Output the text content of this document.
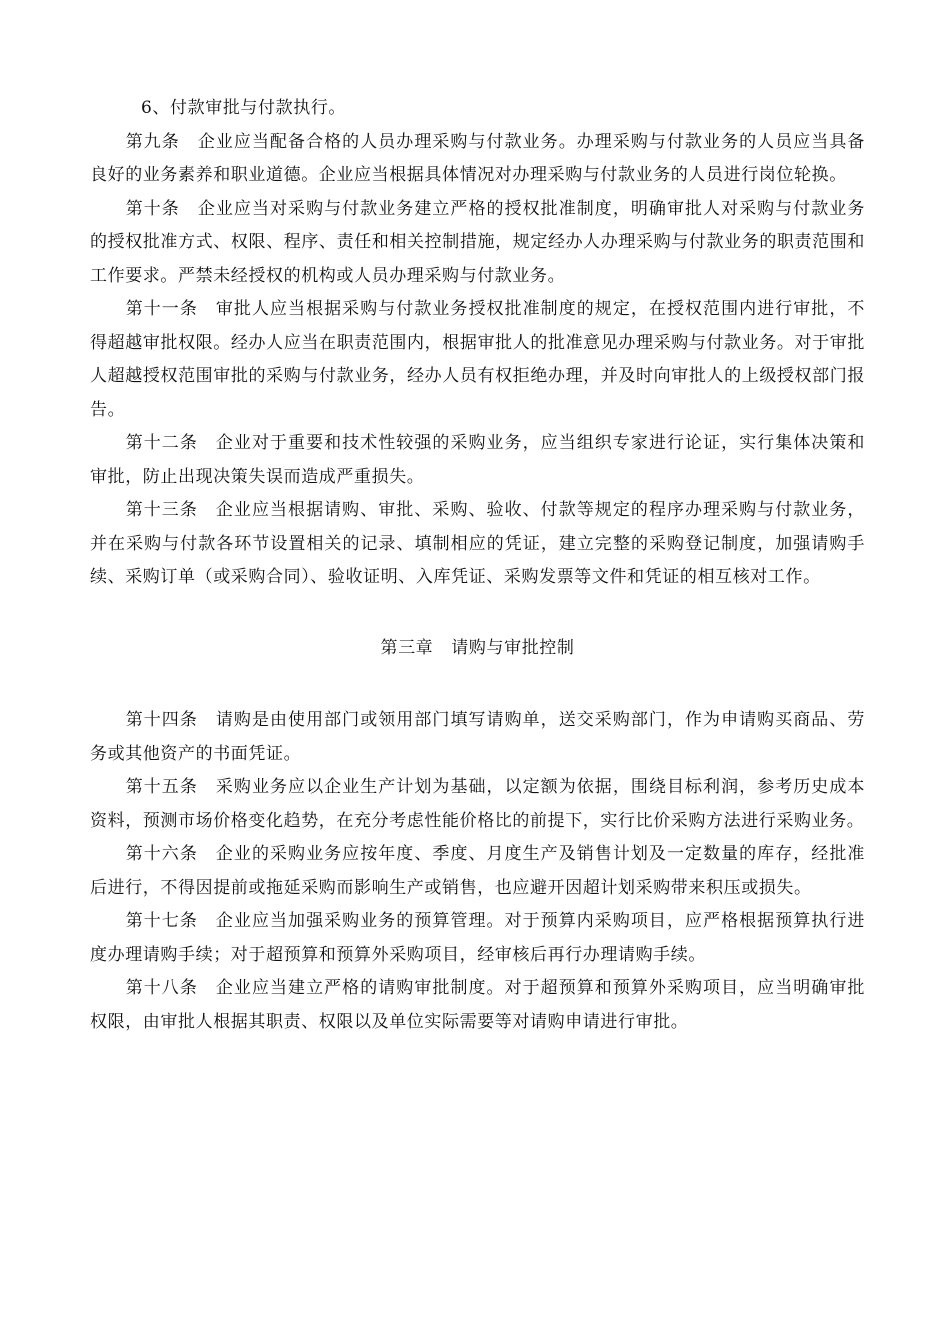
6、付款审批与付款执行。

第九条 企业应当配备合格的人员办理采购与付款业务。办理采购与付款业务的人员应当具备良好的业务素养和职业道德。企业应当根据具体情况对办理采购与付款业务的人员进行岗位轮换。

第十条 企业应当对采购与付款业务建立严格的授权批准制度，明确审批人对采购与付款业务的授权批准方式、权限、程序、责任和相关控制措施，规定经办人办理采购与付款业务的职责范围和工作要求。严禁未经授权的机构或人员办理采购与付款业务。

第十一条 审批人应当根据采购与付款业务授权批准制度的规定，在授权范围内进行审批，不得超越审批权限。经办人应当在职责范围内，根据审批人的批准意见办理采购与付款业务。对于审批人超越授权范围审批的采购与付款业务，经办人员有权拒绝办理，并及时向审批人的上级授权部门报告。

第十二条 企业对于重要和技术性较强的采购业务，应当组织专家进行论证，实行集体决策和审批，防止出现决策失误而造成严重损失。

第十三条 企业应当根据请购、审批、采购、验收、付款等规定的程序办理采购与付款业务，并在采购与付款各环节设置相关的记录、填制相应的凭证，建立完整的采购登记制度，加强请购手续、采购订单（或采购合同）、验收证明、入库凭证、采购发票等文件和凭证的相互核对工作。

第三章 请购与审批控制

第十四条 请购是由使用部门或领用部门填写请购单，送交采购部门，作为申请购买商品、劳务或其他资产的书面凭证。

第十五条 采购业务应以企业生产计划为基础，以定额为依据，围绕目标利润，参考历史成本资料，预测市场价格变化趋势，在充分考虑性能价格比的前提下，实行比价采购方法进行采购业务。

第十六条 企业的采购业务应按年度、季度、月度生产及销售计划及一定数量的库存，经批准后进行，不得因提前或拖延采购而影响生产或销售，也应避开因超计划采购带来积压或损失。

第十七条 企业应当加强采购业务的预算管理。对于预算内采购项目，应严格根据预算执行进度办理请购手续；对于超预算和预算外采购项目，经审核后再行办理请购手续。

第十八条 企业应当建立严格的请购审批制度。对于超预算和预算外采购项目，应当明确审批权限，由审批人根据其职责、权限以及单位实际需要等对请购申请进行审批。
